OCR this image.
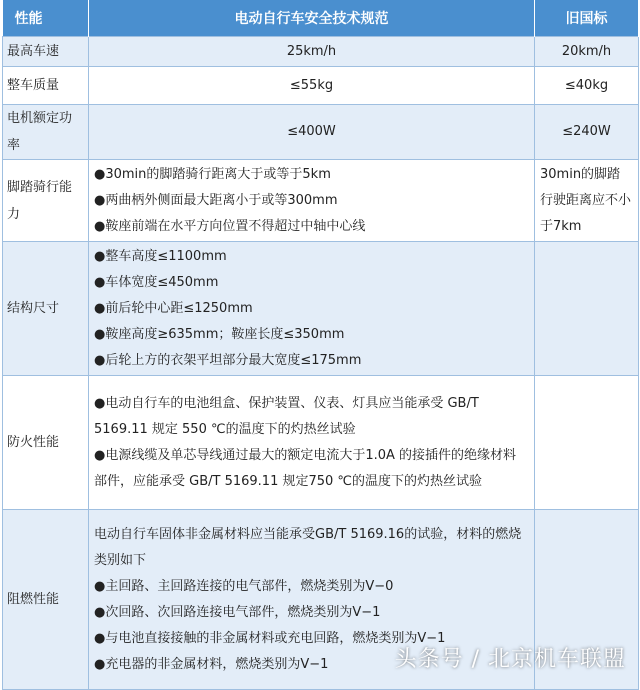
性能	电动自行车安全技术规范	旧国标
最高车速	25km/h	20km/h
整车质量	≤55kg	≤40kg
电机额定功率	≤400W	≤240W
脚踏骑行能力	●30min的脚踏骑行距离大于或等于5km
●两曲柄外侧面最大距离小于或等300mm
●鞍座前端在水平方向位置不得超过中轴中心线	30min的脚踏行驶距离应不小于7km
结构尺寸	●整车高度≤1100mm
●车体宽度≤450mm
●前后轮中心距≤1250mm
●鞍座高度≥635mm；鞍座长度≤350mm
●后轮上方的衣架平坦部分最大宽度≤175mm	

防火性能	●电动自行车的电池组盒、保护装置、仪表、灯具应当能承受 GB/T 5169.11 规定 550 ℃的温度下的灼热丝试验
●电源线缆及单芯导线通过最大的额定电流大于1.0A 的接插件的绝缘材料部件，应能承受 GB/T 5169.11 规定750 ℃的温度下的灼热丝试验	

阻燃性能	电动自行车固体非金属材料应当能承受GB/T 5169.16的试验，材料的燃烧类别如下
●主回路、主回路连接的电气部件，燃烧类别为V−0
●次回路、次回路连接电气部件，燃烧类别为V−1
●与电池直接接触的非金属材料或充电回路，燃烧类别为V−1
●充电器的非金属材料，燃烧类别为V−1	
		头条号 / 北京机车联盟
